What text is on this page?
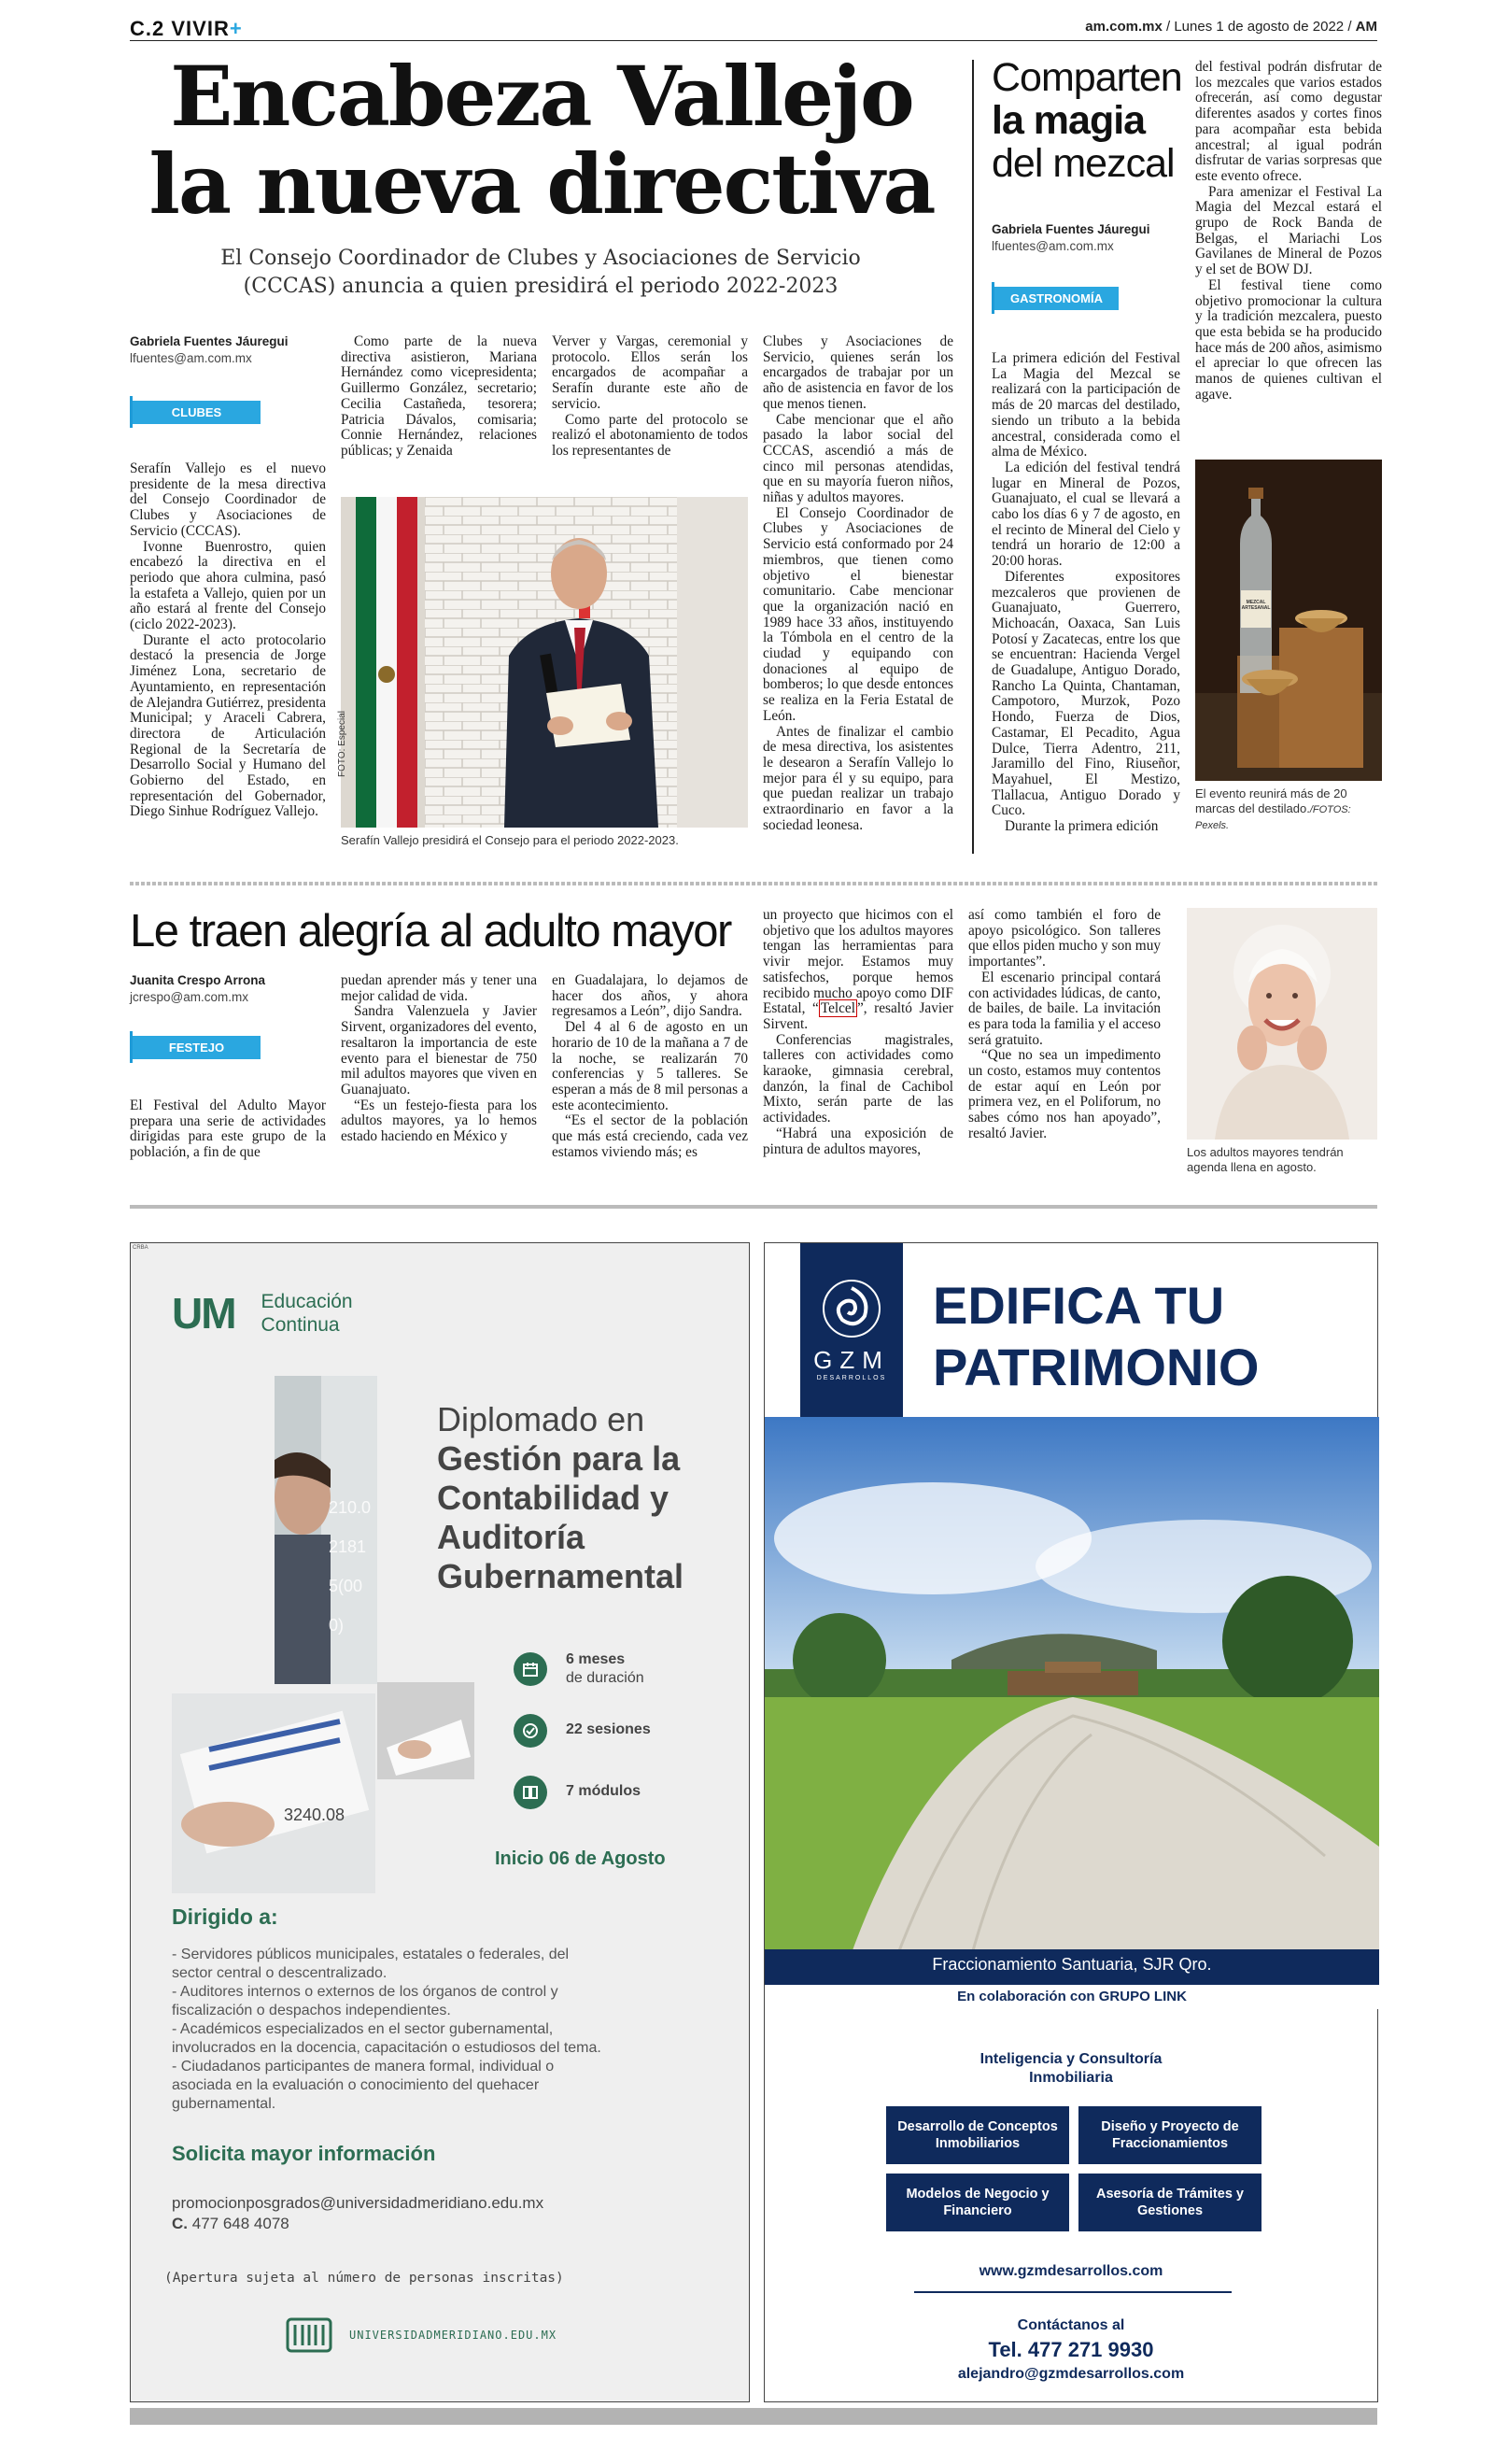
C.2 VIVIR+	am.com.mx / Lunes 1 de agosto de 2022 / AM
Encabeza Vallejo
la nueva directiva
El Consejo Coordinador de Clubes y Asociaciones de Servicio (CCCAS) anuncia a quien presidirá el periodo 2022-2023
Gabriela Fuentes Jáuregui
lfuentes@am.com.mx
CLUBES

Serafín Vallejo es el nuevo presidente de la mesa directiva del Consejo Coordinador de Clubes y Asociaciones de Servicio (CCCAS).

Ivonne Buenrostro, quien encabezó la directiva en el periodo que ahora culmina, pasó la estafeta a Vallejo, quien por un año estará al frente del Consejo (ciclo 2022-2023).

Durante el acto protocolario destacó la presencia de Jorge Jiménez Lona, secretario de Ayuntamiento, en representación de Alejandra Gutiérrez, presidenta Municipal; y Araceli Cabrera, directora de Articulación Regional de la Secretaría de Desarrollo Social y Humano del Gobierno del Estado, en representación del Gobernador, Diego Sinhue Rodríguez Vallejo.

Como parte de la nueva directiva asistieron, Mariana Hernández como vicepresidenta; Guillermo González, secretario; Cecilia Castañeda, tesorera; Patricia Dávalos, comisaria; Connie Hernández, relaciones públicas; y Zenaida

Verver y Vargas, ceremonial y protocolo. Ellos serán los encargados de acompañar a Serafín durante este año de servicio.

Como parte del protocolo se realizó el abotonamiento de todos los representantes de

FOTO: Especial
Serafín Vallejo presidirá el Consejo para el periodo 2022-2023.

Clubes y Asociaciones de Servicio, quienes serán los encargados de trabajar por un año de asistencia en favor de los que menos tienen.

Cabe mencionar que el año pasado la labor social del CCCAS, ascendió a más de cinco mil personas atendidas, que en su mayoría fueron niños, niñas y adultos mayores.

El Consejo Coordinador de Clubes y Asociaciones de Servicio está conformado por 24 miembros, que tienen como objetivo el bienestar comunitario. Cabe mencionar que la organización nació en 1989 hace 33 años, instituyendo la Tómbola en el centro de la ciudad y equipando con donaciones al equipo de bomberos; lo que desde entonces se realiza en la Feria Estatal de León.

Antes de finalizar el cambio de mesa directiva, los asistentes le desearon a Serafín Vallejo lo mejor para él y su equipo, para que puedan realizar un trabajo extraordinario en favor a la sociedad leonesa.

Comparten
la magia
del mezcal
Gabriela Fuentes Jáuregui
lfuentes@am.com.mx
GASTRONOMÍA

La primera edición del Festival La Magia del Mezcal se realizará con la participación de más de 20 marcas del destilado, siendo un tributo a la bebida ancestral, considerada como el alma de México.

La edición del festival tendrá lugar en Mineral de Pozos, Guanajuato, el cual se llevará a cabo los días 6 y 7 de agosto, en el recinto de Mineral del Cielo y tendrá un horario de 12:00 a 20:00 horas.

Diferentes expositores mezcaleros que provienen de Guanajuato, Guerrero, Michoacán, Oaxaca, San Luis Potosí y Zacatecas, entre los que se encuentran: Hacienda Vergel de Guadalupe, Antiguo Dorado, Rancho La Quinta, Chantaman, Campotoro, Murzok, Pozo Hondo, Fuerza de Dios, Castamar, El Pecadito, Agua Dulce, Tierra Adentro, 211, Jaramillo del Fino, Riuseñor, Mayahuel, El Mestizo, Tlallacua, Antiguo Dorado y Cuco.

Durante la primera edición

del festival podrán disfrutar de los mezcales que varios estados ofrecerán, así como degustar diferentes asados y cortes finos para acompañar esta bebida ancestral; al igual podrán disfrutar de varias sorpresas que este evento ofrece.

Para amenizar el Festival La Magia del Mezcal estará el grupo de Rock Banda de Belgas, el Mariachi Los Gavilanes de Mineral de Pozos y el set de BOW DJ.

El festival tiene como objetivo promocionar la cultura y la tradición mezcalera, puesto que esta bebida se ha producido hace más de 200 años, asimismo el apreciar lo que ofrecen las manos de quienes cultivan el agave.

MEZCAL ARTESANAL
El evento reunirá más de 20 marcas del destilado./FOTOS: Pexels.
Le traen alegría al adulto mayor
Juanita Crespo Arrona
jcrespo@am.com.mx
FESTEJO

El Festival del Adulto Mayor prepara una serie de actividades dirigidas para este grupo de la población, a fin de que

puedan aprender más y tener una mejor calidad de vida.

Sandra Valenzuela y Javier Sirvent, organizadores del evento, resaltaron la importancia de este evento para el bienestar de 750 mil adultos mayores que viven en Guanajuato.

“Es un festejo-fiesta para los adultos mayores, ya lo hemos estado haciendo en México y

en Guadalajara, lo dejamos de hacer dos años, y ahora regresamos a León”, dijo Sandra.

Del 4 al 6 de agosto en un horario de 10 de la mañana a 7 de la noche, se realizarán 70 conferencias y 5 talleres. Se esperan a más de 8 mil personas a este acontecimiento.

“Es el sector de la población que más está creciendo, cada vez estamos viviendo más; es

un proyecto que hicimos con el objetivo que los adultos mayores tengan las herramientas para vivir mejor. Estamos muy satisfechos, porque hemos recibido mucho apoyo como DIF Estatal, “ Telcel ”, resaltó Javier Sirvent.

Conferencias magistrales, talleres con actividades como karaoke, gimnasia cerebral, danzón, la final de Cachibol Mixto, serán parte de las actividades.

“Habrá una exposición de pintura de adultos mayores,

así como también el foro de apoyo psicológico. Son talleres que ellos piden mucho y son muy importantes”.

El escenario principal contará con actividades lúdicas, de canto, de bailes, de baile. La invitación es para toda la familia y el acceso será gratuito.

“Que no sea un impedimento un costo, estamos muy contentos de estar aquí en León por primera vez, en el Poliforum, no sabes cómo nos han apoyado”, resaltó Javier.

Los adultos mayores tendrán agenda llena en agosto.
CRBA
UM Educación
Continua
210.0 2181 5(000)
3240.08
Diplomado en
Gestión para la
Contabilidad y
Auditoría
Gubernamental
6 meses
de duración
22 sesiones
7 módulos
Inicio 06 de Agosto
Dirigido a:
- Servidores públicos municipales, estatales o federales, del sector central o descentralizado.
- Auditores internos o externos de los órganos de control y fiscalización o despachos independientes.
- Académicos especializados en el sector gubernamental, involucrados en la docencia, capacitación o estudiosos del tema.
- Ciudadanos participantes de manera formal, individual o asociada en la evaluación o conocimiento del quehacer gubernamental.
Solicita mayor información
promocionposgrados@universidadmeridiano.edu.mx
C. 477 648 4078
(Apertura sujeta al número de personas inscritas)
UNIVERSIDADMERIDIANO.EDU.MX
GZM
DESARROLLOS
EDIFICA TU
PATRIMONIO
Fraccionamiento Santuaria, SJR Qro.
En colaboración con GRUPO LINK
Inteligencia y Consultoría
Inmobiliaria
Desarrollo de Conceptos Inmobiliarios
Diseño y Proyecto de Fraccionamientos
Modelos de Negocio y Financiero
Asesoría de Trámites y Gestiones
www.gzmdesarrollos.com
Contáctanos al
Tel. 477 271 9930
alejandro@gzmdesarrollos.com
